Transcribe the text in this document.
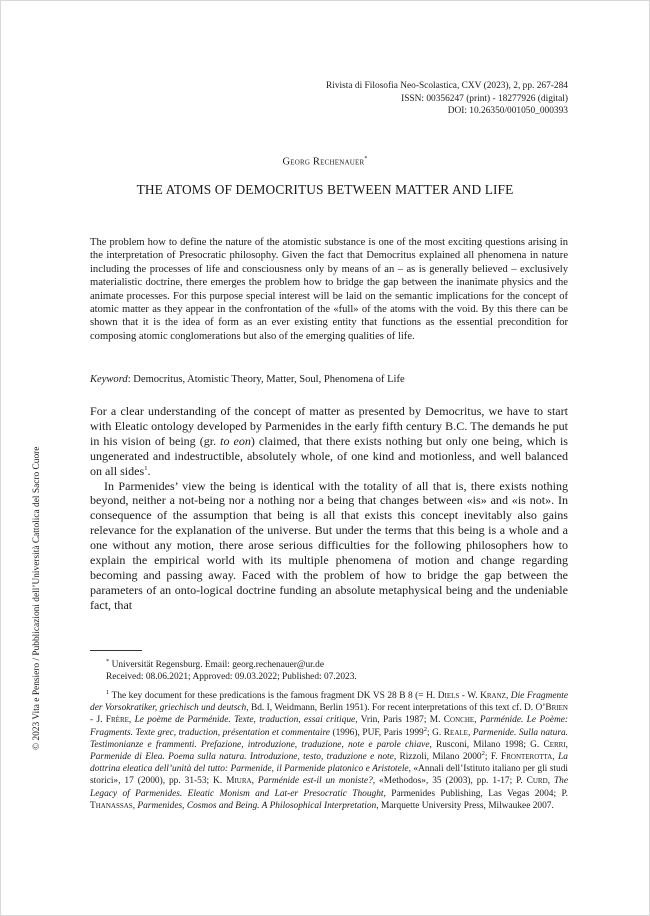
Rivista di Filosofia Neo-Scolastica, CXV (2023), 2, pp. 267-284
ISSN: 00356247 (print) - 18277926 (digital)
DOI: 10.26350/001050_000393
Georg Rechenauer*
THE ATOMS OF DEMOCRITUS BETWEEN MATTER AND LIFE
The problem how to define the nature of the atomistic substance is one of the most exciting questions arising in the interpretation of Presocratic philosophy. Given the fact that Democritus explained all phenomena in nature including the processes of life and consciousness only by means of an – as is generally believed – exclusively materialistic doctrine, there emerges the problem how to bridge the gap between the inanimate physics and the animate processes. For this purpose special interest will be laid on the semantic implications for the concept of atomic matter as they appear in the confrontation of the «full» of the atoms with the void. By this there can be shown that it is the idea of form as an ever existing entity that functions as the essential precondition for composing atomic conglomerations but also of the emerging qualities of life.
Keyword: Democritus, Atomistic Theory, Matter, Soul, Phenomena of Life

For a clear understanding of the concept of matter as presented by Democritus, we have to start with Eleatic ontology developed by Parmenides in the early fifth century B.C. The demands he put in his vision of being (gr. to eon) claimed, that there exists nothing but only one being, which is ungenerated and indestructible, absolutely whole, of one kind and motionless, and well balanced on all sides$^1$.

In Parmenides’ view the being is identical with the totality of all that is, there exists nothing beyond, neither a not-being nor a nothing nor a being that changes between «is» and «is not». In consequence of the assumption that being is all that exists this concept inevitably also gains relevance for the explanation of the universe. But under the terms that this being is a whole and a one without any motion, there arose serious difficulties for the following philosophers how to explain the empirical world with its multiple phenomena of motion and change regarding becoming and passing away. Faced with the problem of how to bridge the gap between the parameters of an onto-logical doctrine funding an absolute metaphysical being and the undeniable fact, that

* Universität Regensburg. Email: georg.rechenauer@ur.de

Received: 08.06.2021; Approved: 09.03.2022; Published: 07.2023.

$^1$ The key document for these predications is the famous fragment DK VS 28 B 8 (= H. Diels - W. Kranz, Die Fragmente der Vorsokratiker, griechisch und deutsch, Bd. I, Weidmann, Berlin 1951). For recent interpretations of this text cf. D. O’Brien - J. Frère, Le poème de Parménide. Texte, traduction, essai critique, Vrin, Paris 1987; M. Conche, Parménide. Le Poème: Fragments. Texte grec, traduction, présentation et commentaire (1996), PUF, Paris 1999$^2$; G. Reale, Parmenide. Sulla natura. Testimonianze e frammenti. Prefazione, introduzione, traduzione, note e parole chiave, Rusconi, Milano 1998; G. Cerri, Parmenide di Elea. Poema sulla natura. Introduzione, testo, traduzione e note, Rizzoli, Milano 2000$^2$; F. Fronterotta, La dottrina eleatica dell’unità del tutto: Parmenide, il Parmenide platonico e Aristotele, «Annali dell’Istituto italiano per gli studi storici», 17 (2000), pp. 31-53; K. Miura, Parménide est-il un moniste?, «Methodos», 35 (2003), pp. 1-17; P. Curd, The Legacy of Parmenides. Eleatic Monism and Lat-er Presocratic Thought, Parmenides Publishing, Las Vegas 2004; P. Thanassas, Parmenides, Cosmos and Being. A Philosophical Interpretation, Marquette University Press, Milwaukee 2007.

© 2023 Vita e Pensiero / Pubblicazioni dell’Università Cattolica del Sacro Cuore
